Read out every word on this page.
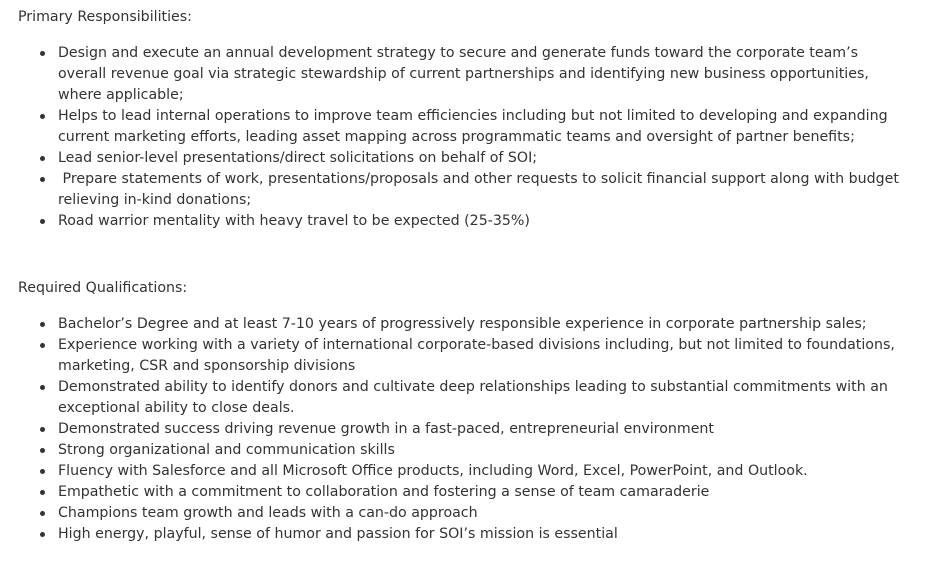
Primary Responsibilities:

Design and execute an annual development strategy to secure and generate funds toward the corporate team’s overall revenue goal via strategic stewardship of current partnerships and identifying new business opportunities, where applicable;
Helps to lead internal operations to improve team efficiencies including but not limited to developing and expanding current marketing efforts, leading asset mapping across programmatic teams and oversight of partner benefits;
Lead senior-level presentations/direct solicitations on behalf of SOI;
Prepare statements of work, presentations/proposals and other requests to solicit financial support along with budget relieving in-kind donations;
Road warrior mentality with heavy travel to be expected (25-35%)

Required Qualifications:

Bachelor’s Degree and at least 7-10 years of progressively responsible experience in corporate partnership sales;
Experience working with a variety of international corporate-based divisions including, but not limited to foundations, marketing, CSR and sponsorship divisions
Demonstrated ability to identify donors and cultivate deep relationships leading to substantial commitments with an exceptional ability to close deals.
Demonstrated success driving revenue growth in a fast-paced, entrepreneurial environment
Strong organizational and communication skills
Fluency with Salesforce and all Microsoft Office products, including Word, Excel, PowerPoint, and Outlook.
Empathetic with a commitment to collaboration and fostering a sense of team camaraderie
Champions team growth and leads with a can-do approach
High energy, playful, sense of humor and passion for SOI’s mission is essential
